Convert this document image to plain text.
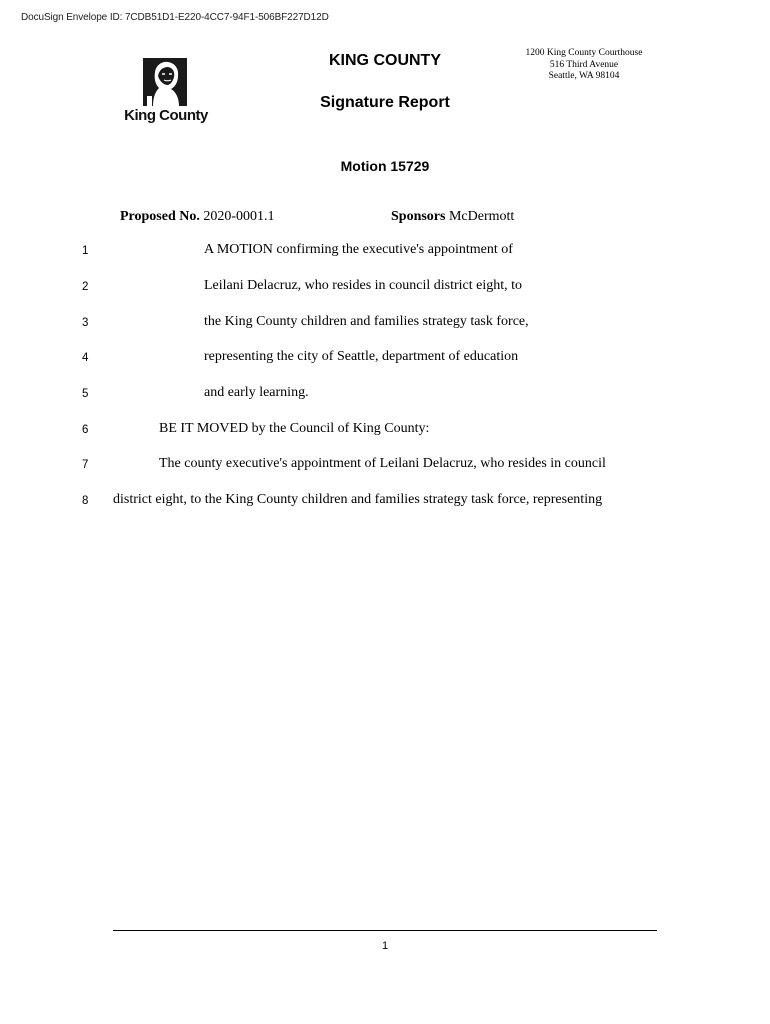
DocuSign Envelope ID: 7CDB51D1-E220-4CC7-94F1-506BF227D12D
King County
KING COUNTY
Signature Report
1200 King County Courthouse
516 Third Avenue
Seattle, WA 98104
Motion 15729
Proposed No. 2020-0001.1	Sponsors McDermott
1
2
3
4
5
6
7
8
A MOTION confirming the executive's appointment of
Leilani Delacruz, who resides in council district eight, to
the King County children and families strategy task force,
representing the city of Seattle, department of education
and early learning.
BE IT MOVED by the Council of King County:
The county executive's appointment of Leilani Delacruz, who resides in council
district eight, to the King County children and families strategy task force, representing
1
